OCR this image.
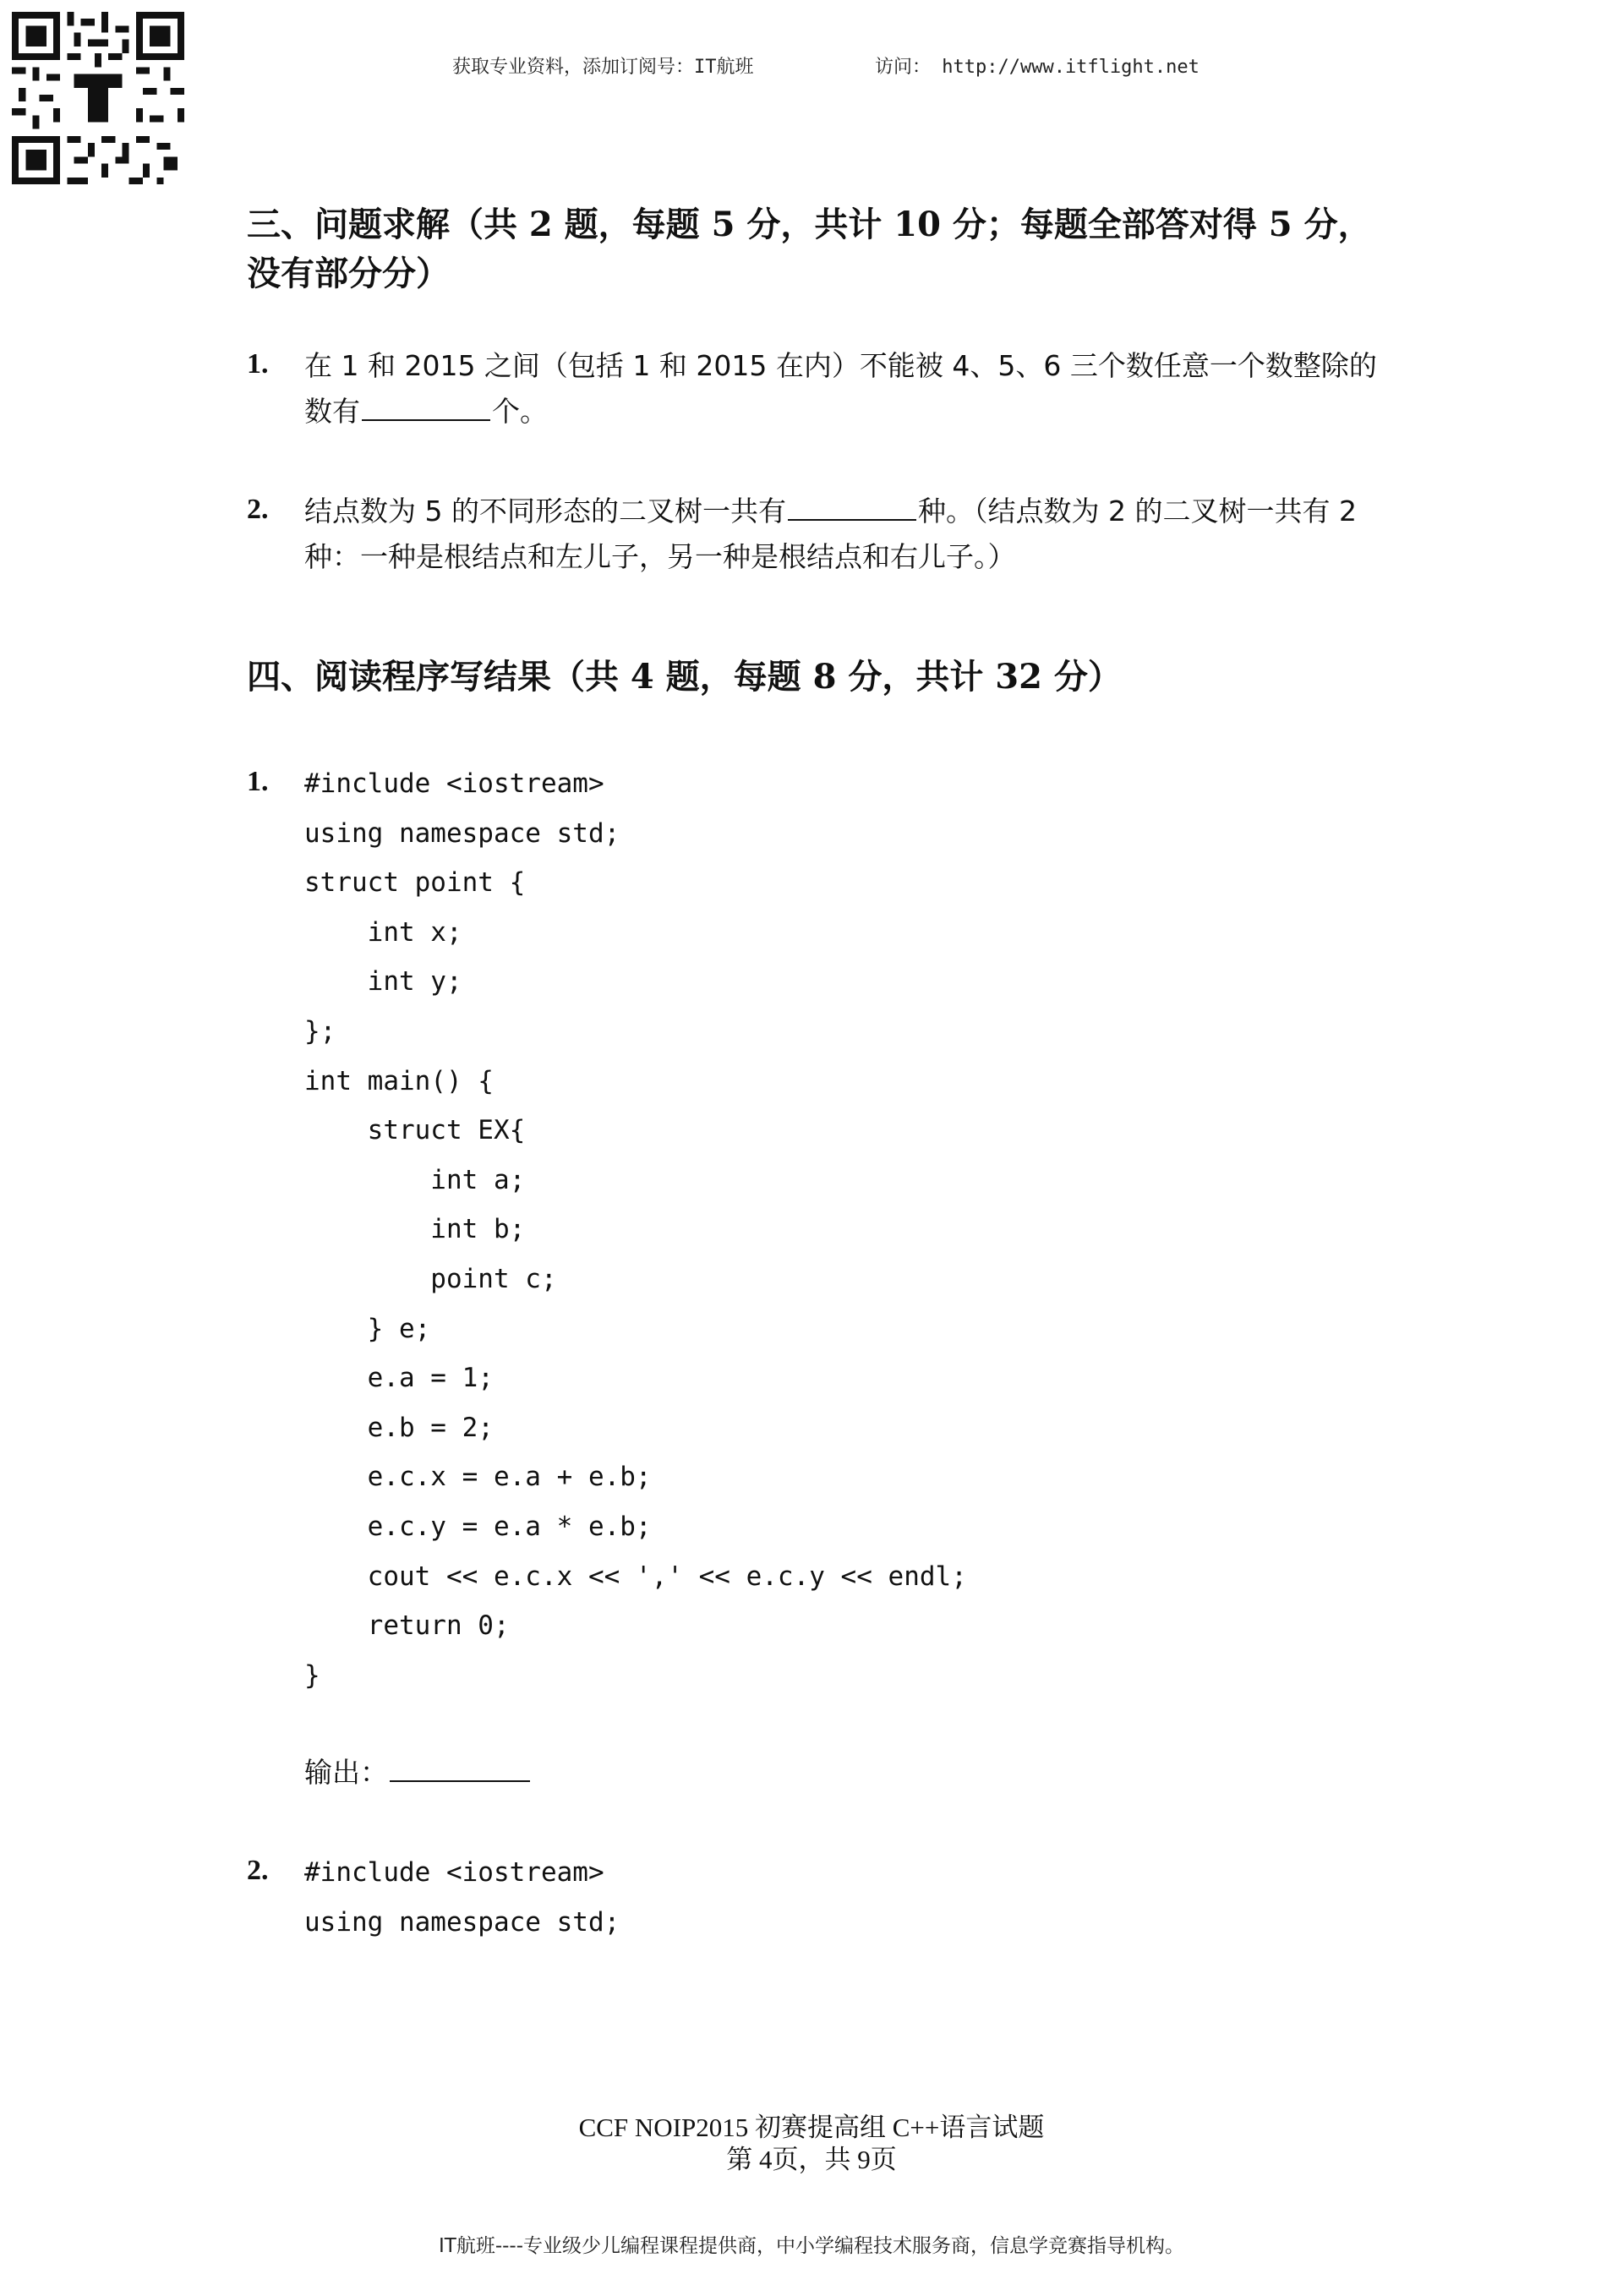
获取专业资料，添加订阅号：IT航班	访问： http://www.itflight.net
三、问题求解（共 2 题，每题 5 分，共计 10 分；每题全部答对得 5 分，没有部分分）
1. 在 1 和 2015 之间（包括 1 和 2015 在内）不能被 4、5、6 三个数任意一个数整除的数有	个。
2. 结点数为 5 的不同形态的二叉树一共有	种。（结点数为 2 的二叉树一共有 2 种：一种是根结点和左儿子，另一种是根结点和右儿子。）
四、阅读程序写结果（共 4 题，每题 8 分，共计 32 分）
1. #include <iostream>
using namespace std;
struct point {
int x;
int y;
};
int main() {
struct EX{
int a;
int b;
point c;
} e;
e.a = 1;
e.b = 2;
e.c.x = e.a + e.b;
e.c.y = e.a * e.b;
cout << e.c.x << ',' << e.c.y << endl;
return 0;
}
输出：
2. #include <iostream>
using namespace std;
CCF NOIP2015 初赛提高组 C++语言试题
第 4页，共 9页
IT航班----专业级少儿编程课程提供商，中小学编程技术服务商，信息学竞赛指导机构。
